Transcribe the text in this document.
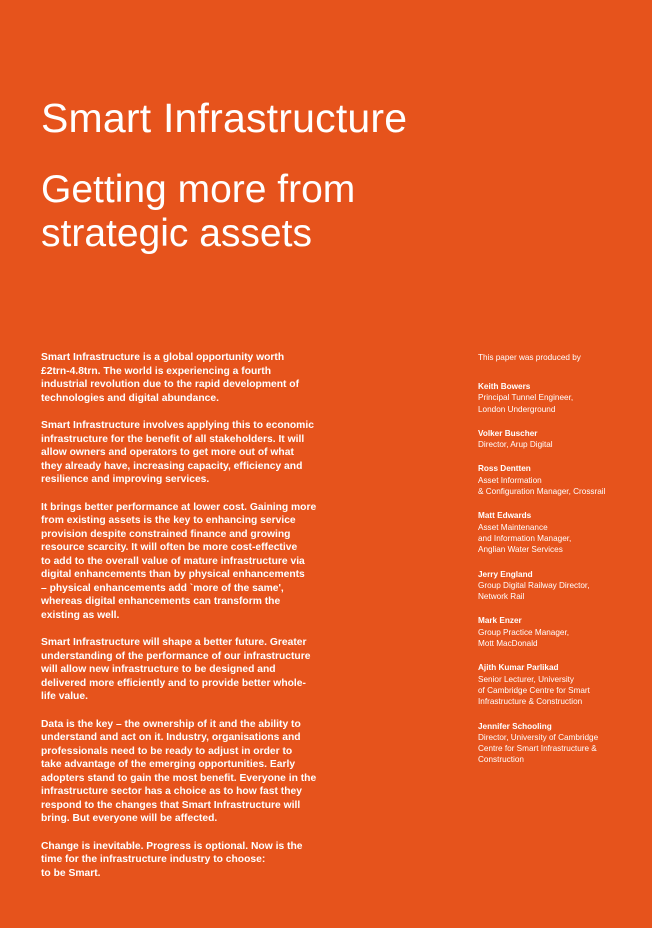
Smart Infrastructure
Getting more from
strategic assets

Smart Infrastructure is a global opportunity worth
£2trn-4.8trn. The world is experiencing a fourth
industrial revolution due to the rapid development of
technologies and digital abundance.

Smart Infrastructure involves applying this to economic
infrastructure for the benefit of all stakeholders. It will
allow owners and operators to get more out of what
they already have, increasing capacity, efficiency and
resilience and improving services.

It brings better performance at lower cost. Gaining more
from existing assets is the key to enhancing service
provision despite constrained finance and growing
resource scarcity. It will often be more cost-effective
to add to the overall value of mature infrastructure via
digital enhancements than by physical enhancements
– physical enhancements add `more of the same',
whereas digital enhancements can transform the
existing as well.

Smart Infrastructure will shape a better future. Greater
understanding of the performance of our infrastructure
will allow new infrastructure to be designed and
delivered more efficiently and to provide better whole-
life value.

Data is the key – the ownership of it and the ability to
understand and act on it. Industry, organisations and
professionals need to be ready to adjust in order to
take advantage of the emerging opportunities. Early
adopters stand to gain the most benefit. Everyone in the
infrastructure sector has a choice as to how fast they
respond to the changes that Smart Infrastructure will
bring. But everyone will be affected.

Change is inevitable. Progress is optional. Now is the
time for the infrastructure industry to choose:
to be Smart.

This paper was produced by

Keith Bowers
Principal Tunnel Engineer,
London Underground
Volker Buscher
Director, Arup Digital
Ross Dentten
Asset Information
& Configuration Manager, Crossrail
Matt Edwards
Asset Maintenance
and Information Manager,
Anglian Water Services
Jerry England
Group Digital Railway Director,
Network Rail
Mark Enzer
Group Practice Manager,
Mott MacDonald
Ajith Kumar Parlikad
Senior Lecturer, University
of Cambridge Centre for Smart
Infrastructure & Construction
Jennifer Schooling
Director, University of Cambridge
Centre for Smart Infrastructure &
Construction
